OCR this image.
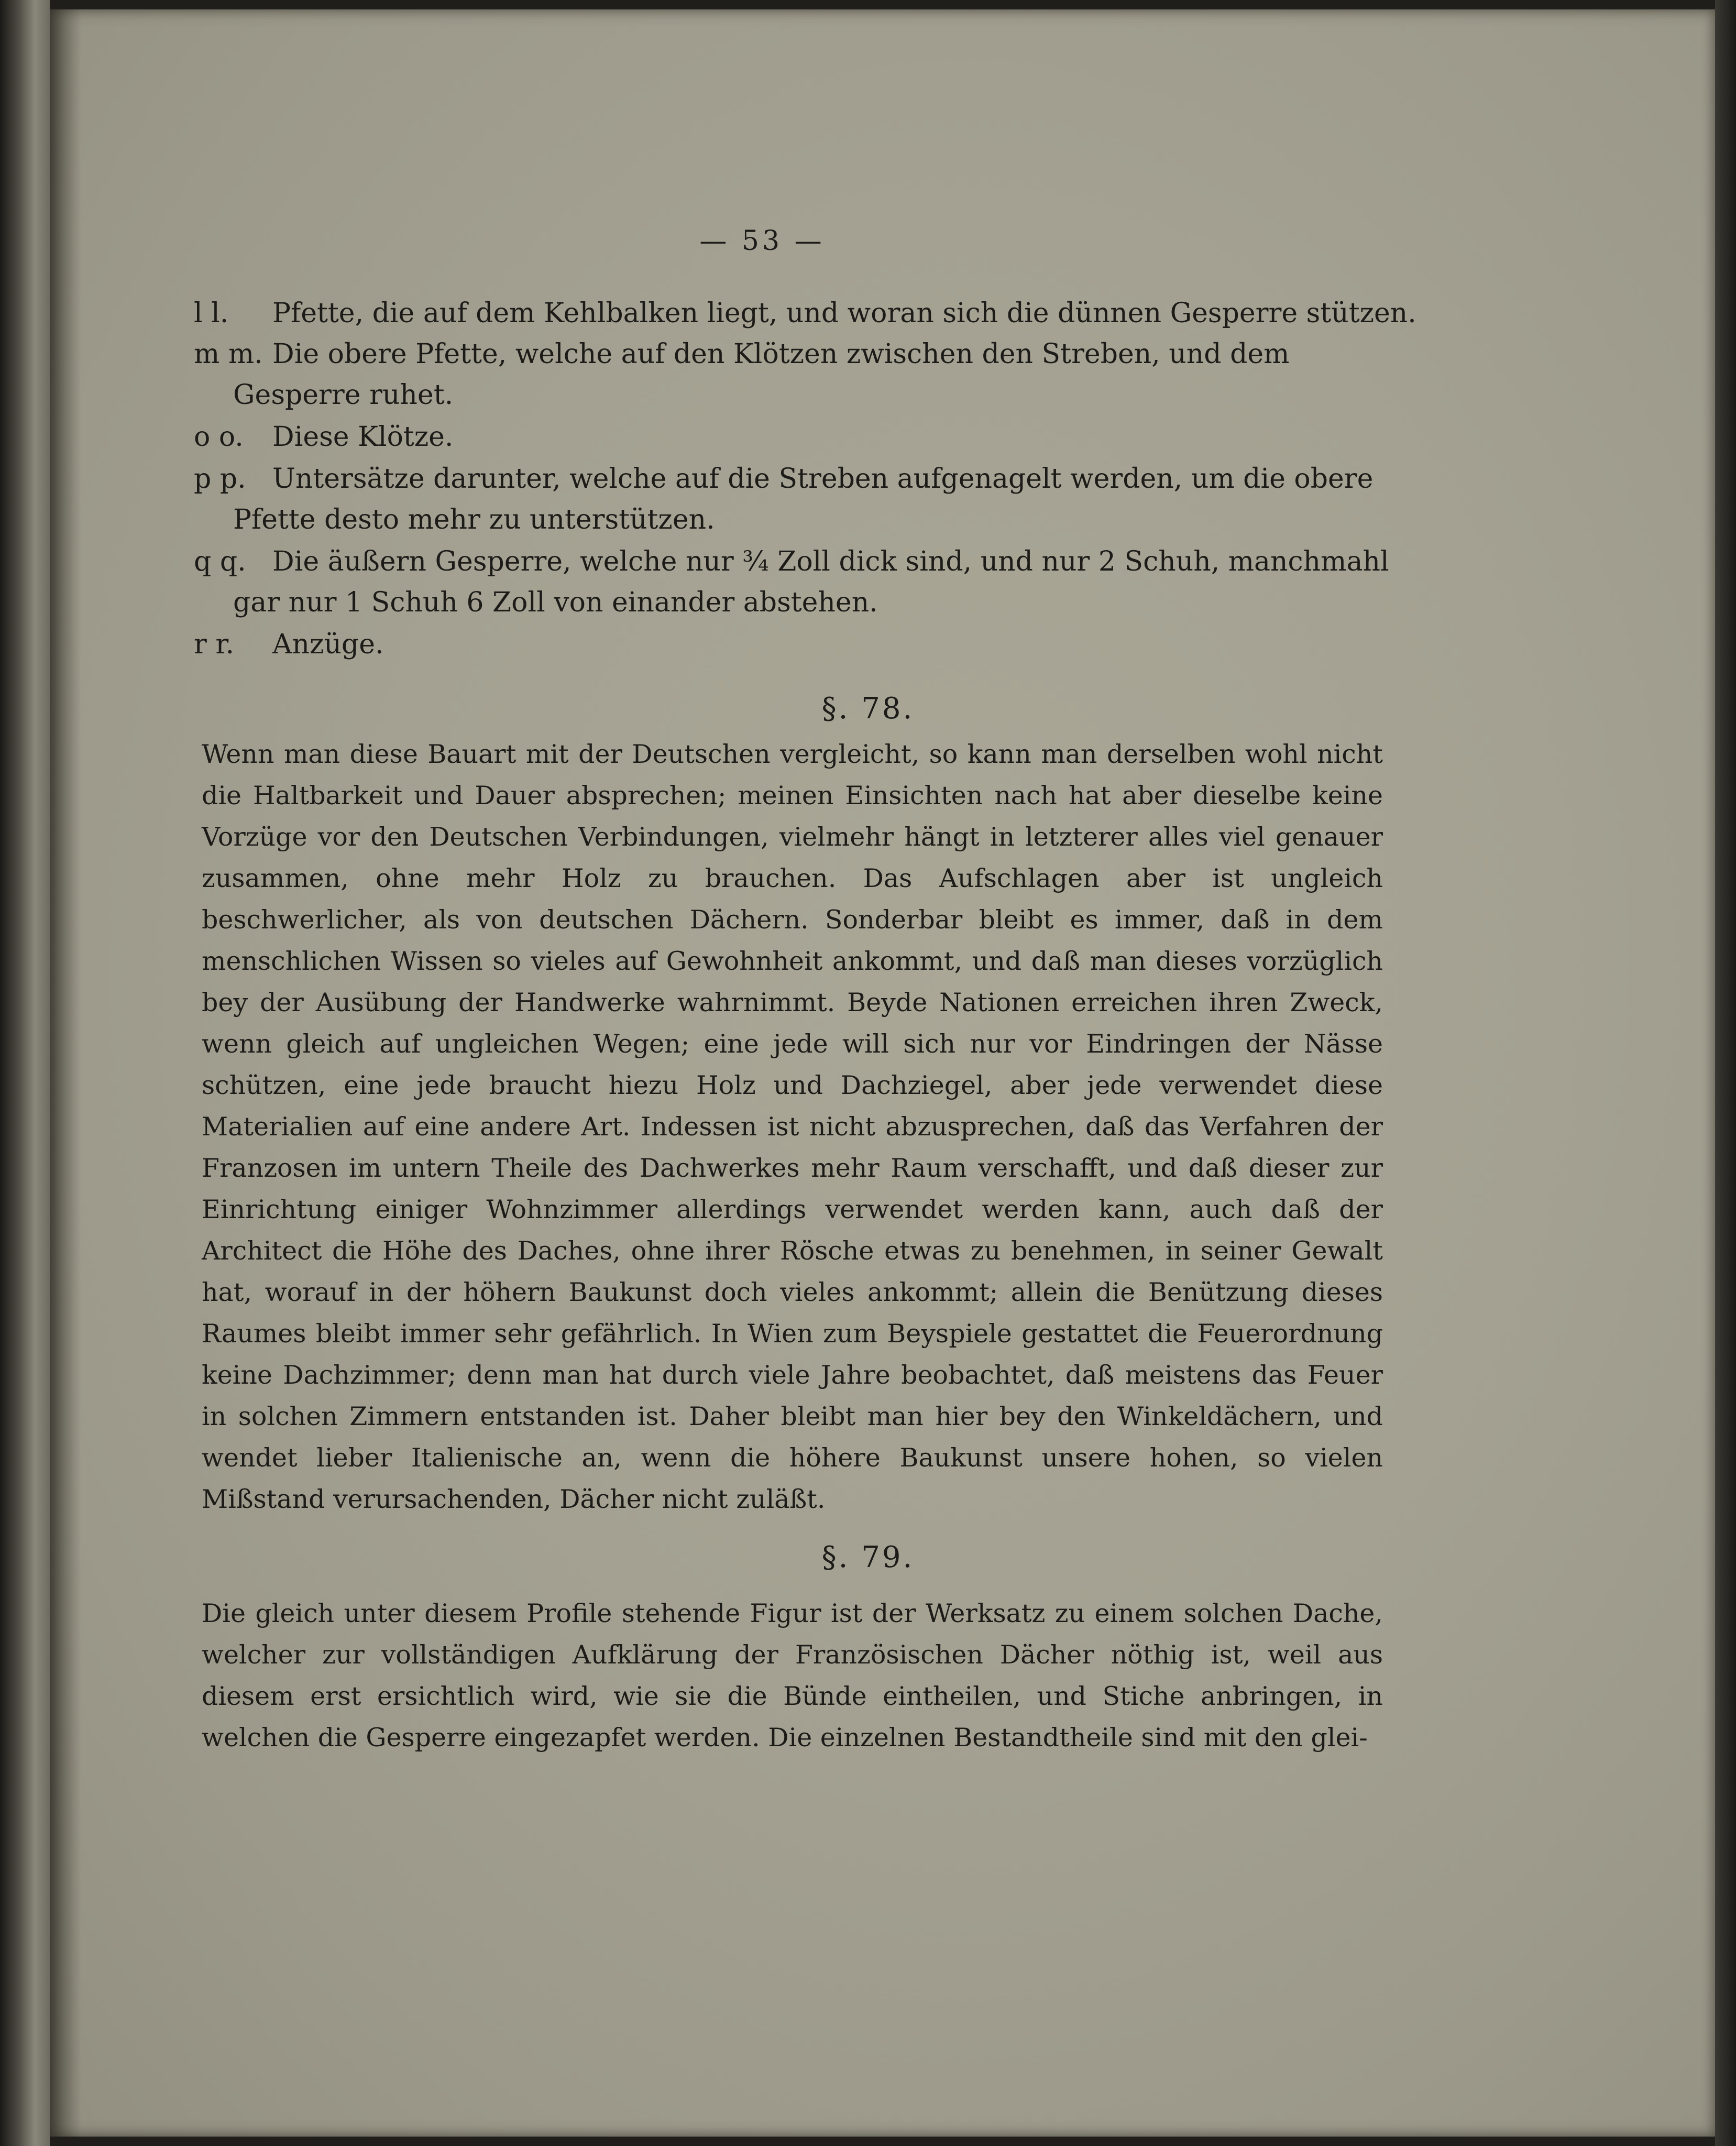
— 53 —
l l. Pfette, die auf dem Kehlbalken liegt, und woran sich die dünnen Gesperre stützen.
m m. Die obere Pfette, welche auf den Klötzen zwischen den Streben, und dem
Gesperre ruhet.
o o. Diese Klötze.
p p. Untersätze darunter, welche auf die Streben aufgenagelt werden, um die obere
Pfette desto mehr zu unterstützen.
q q. Die äußern Gesperre, welche nur ¾ Zoll dick sind, und nur 2 Schuh, manchmahl
gar nur 1 Schuh 6 Zoll von einander abstehen.
r r. Anzüge.
§. 78.
Wenn man diese Bauart mit der Deutschen vergleicht, so kann man derselben wohl nicht die Haltbarkeit und Dauer absprechen; meinen Einsichten nach hat aber dieselbe keine Vorzüge vor den Deutschen Verbindungen, vielmehr hängt in letzterer alles viel genauer zusammen, ohne mehr Holz zu brauchen. Das Aufschlagen aber ist ungleich beschwerlicher, als von deutschen Dächern. Sonderbar bleibt es immer, daß in dem menschlichen Wissen so vieles auf Gewohnheit ankommt, und daß man dieses vorzüglich bey der Ausübung der Handwerke wahrnimmt. Beyde Nationen erreichen ihren Zweck, wenn gleich auf ungleichen Wegen; eine jede will sich nur vor Eindringen der Nässe schützen, eine jede braucht hiezu Holz und Dachziegel, aber jede verwendet diese Materialien auf eine andere Art. Indessen ist nicht abzusprechen, daß das Verfahren der Franzosen im untern Theile des Dachwerkes mehr Raum verschafft, und daß dieser zur Einrichtung einiger Wohnzimmer allerdings verwendet werden kann, auch daß der Architect die Höhe des Daches, ohne ihrer Rösche etwas zu benehmen, in seiner Gewalt hat, worauf in der höhern Baukunst doch vieles ankommt; allein die Benützung dieses Raumes bleibt immer sehr gefährlich. In Wien zum Beyspiele gestattet die Feuerordnung keine Dachzimmer; denn man hat durch viele Jahre beobachtet, daß meistens das Feuer in solchen Zimmern entstanden ist. Daher bleibt man hier bey den Winkeldächern, und wendet lieber Italienische an, wenn die höhere Baukunst unsere hohen, so vielen Mißstand verursachenden, Dächer nicht zuläßt.
§. 79.
Die gleich unter diesem Profile stehende Figur ist der Werksatz zu einem solchen Dache, welcher zur vollständigen Aufklärung der Französischen Dächer nöthig ist, weil aus diesem erst ersichtlich wird, wie sie die Bünde eintheilen, und Stiche anbringen, in welchen die Gesperre eingezapfet werden. Die einzelnen Bestandtheile sind mit den glei-
